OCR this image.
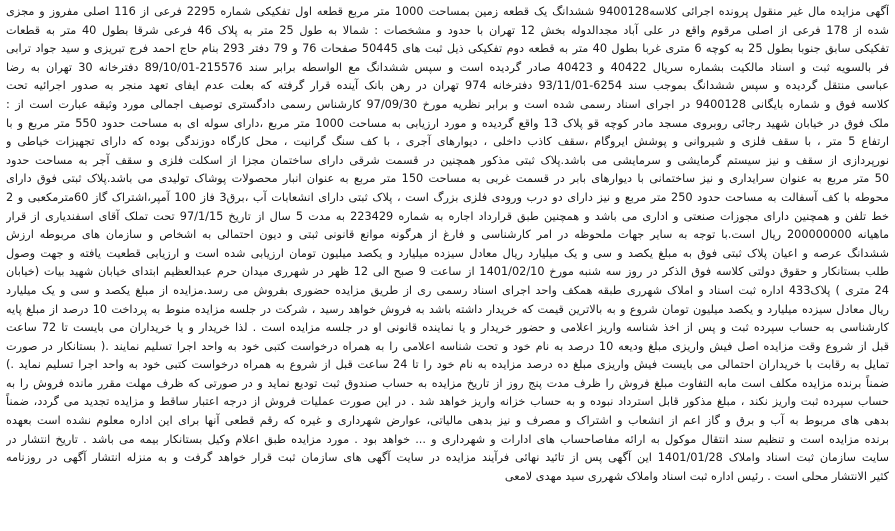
آگهی مزایده مال غیر منقول پرونده اجرائی کلاسه9400128 ششدانگ یک قطعه زمین بمساحت 1000 متر مربع قطعه اول تفکیکی شماره 2295 فرعی از 116 اصلی مفروز و مجزی
شده از 178 فرعی از اصلی مرقوم واقع در علی آباد مجدالدوله بخش 12 تهران با حدود و مشخصات : شمالا به طول 25 متر به پلاک 46 فرعی شرقا بطول 40 متر به قطعات
تفکیکی سابق جنوبا بطول 25 به کوچه 6 متری غربا بطول 40 متر به قطعه دوم تفکیکی ذیل ثبت های 50445 صفحات 76 و 79 دفتر 293 بنام حاج احمد فرج تبریزی و سید جواد ترابی
فر بالسویه ثبت و اسناد مالکیت بشماره سریال 40422 و 40423 صادر گردیده است و سپس ششدانگ مع الواسطه برابر سند 215576-89/10/01 دفترخانه 30 تهران به رضا
عباسی منتقل گردیده و سپس ششدانگ بموجب سند 6254-93/11/01 دفترخانه 974 تهران در رهن بانک آینده قرار گرفته که بعلت عدم ایفای تعهد منجر به صدور اجرائیه تحت
کلاسه فوق و شماره بایگانی 9400128 در اجرای اسناد رسمی شده است و برابر نظریه مورخ 97/09/30 کارشناس رسمی دادگستری توصیف اجمالی مورد وثیقه عبارت است از :
ملک فوق در خیابان شهید رجائی روبروی مسجد مادر کوچه قو پلاک 13 واقع گردیده و مورد ارزیابی به مساحت 1000 متر مربع ،دارای سوله ای به مساحت حدود 550 متر مربع و با
ارتفاع 5 متر ، با سقف فلزی و شیروانی و پوشش ایروگام ،سقف کاذب داخلی ، دیوارهای آجری ، با کف سنگ گرانیت ، محل کارگاه دوزندگی بوده که دارای تجهیزات خیاطی و
نورپردازی از سقف و نیز سیستم گرمایشی و سرمایشی می باشد.پلاک ثبتی مذکور همچنین در قسمت شرقی دارای ساختمان مجزا از اسکلت فلزی و سقف آجر به مساحت حدود
50 متر مربع به عنوان سرایداری و نیز ساختمانی با دیوارهای بابر در قسمت غربی به مساحت 150 متر مربع به عنوان انبار محصولات پوشاک تولیدی می باشد.پلاک ثبتی فوق دارای
محوطه با کف آسفالت به مساحت حدود 250 متر مربع و نیز دارای دو درب ورودی فلزی بزرگ است ، پلاک ثبتی دارای انشعابات آب ،برق3 فاز 100 آمپر،اشتراک گاز 60مترمکعبی و 2
خط تلفن و همچنین دارای مجوزات صنعتی و اداری می باشد و همچنین طبق قرارداد اجاره به شماره 223429 به مدت 5 سال از تاریخ 97/1/15 تحت تملک آقای اسفندیاری از قرار
ماهیانه 200000000 ریال است.با توجه به سایر جهات ملحوظه در امر کارشناسی و فارغ از هرگونه موانع قانونی ثبتی و دیون احتمالی به اشخاص و سازمان های مربوطه ارزش
ششدانگ عرصه و اعیان پلاک ثبتی فوق به مبلغ یکصد و سی و یک میلیارد ریال معادل سیزده میلیارد و یکصد میلیون تومان ارزیابی شده است و ارزیابی قطعیت یافته و جهت وصول
طلب بستانکار و حقوق دولتی کلاسه فوق الذکر در روز سه شنبه مورخ 1401/02/10 از ساعت 9 صبح الی 12 ظهر در شهرری میدان حرم عبدالعظیم ابتدای خیابان شهید بیات (خیابان
24 متری ) پلاک433 اداره ثبت اسناد و املاک شهرری طبقه همکف واحد اجرای اسناد رسمی ری از طریق مزایده حضوری بفروش می رسد.مزایده از مبلغ یکصد و سی و یک میلیارد
ریال معادل سیزده میلیارد و یکصد میلیون تومان شروع و به بالاترین قیمت که خریدار داشته باشد به فروش خواهد رسید ، شرکت در جلسه مزایده منوط به پرداخت 10 درصد از مبلغ پایه
کارشناسی به حساب سپرده ثبت و پس از اخذ شناسه واریز اعلامی و حضور خریدار و یا نماینده قانونی او در جلسه مزایده است . لذا خریدار و یا خریداران می بایست تا 72 ساعت
قبل از شروع وقت مزایده اصل فیش واریزی مبلغ ودیعه 10 درصد به نام خود و تحت شناسه اعلامی را به همراه درخواست کتبی خود به واحد اجرا تسلیم نمایند .( بستانکار در صورت
تمایل به رقابت با خریداران احتمالی می بایست فیش واریزی مبلغ ده درصد مزایده به نام خود را تا 24 ساعت قبل از شروع به همراه درخواست کتبی خود به واحد اجرا تسلیم نماید .)
ضمناً برنده مزایده مکلف است مابه التفاوت مبلغ فروش را ظرف مدت پنج روز از تاریخ مزایده به حساب صندوق ثبت تودیع نماید و در صورتی که ظرف مهلت مقرر مانده فروش را به
حساب سپرده ثبت واریز نکند ، مبلغ مذکور قابل استرداد نبوده و به حساب خزانه واریز خواهد شد . در این صورت عملیات فروش از درجه اعتبار ساقط و مزایده تجدید می گردد، ضمناً
بدهی های مربوط به آب و برق و گاز اعم از انشعاب و اشتراک و مصرف و نیز بدهی مالیاتی، عوارض شهرداری و غیره که رقم قطعی آنها برای این اداره معلوم نشده است بعهده
برنده مزایده است و تنظیم سند انتقال موکول به ارائه مفاصاحساب های ادارات و شهرداری و ... خواهد بود . مورد مزایده طبق اعلام وکیل بستانکار بیمه می باشد . تاریخ انتشار در
سایت سازمان ثبت اسناد واملاک 1401/01/28 این آگهی پس از تائید نهائی فرآیند مزایده در سایت آگهی های سازمان ثبت قرار خواهد گرفت و به منزله انتشار آگهی در روزنامه
کثیر الانتشار محلی است . رئیس اداره ثبت اسناد واملاک شهرری سید مهدی لامعی
